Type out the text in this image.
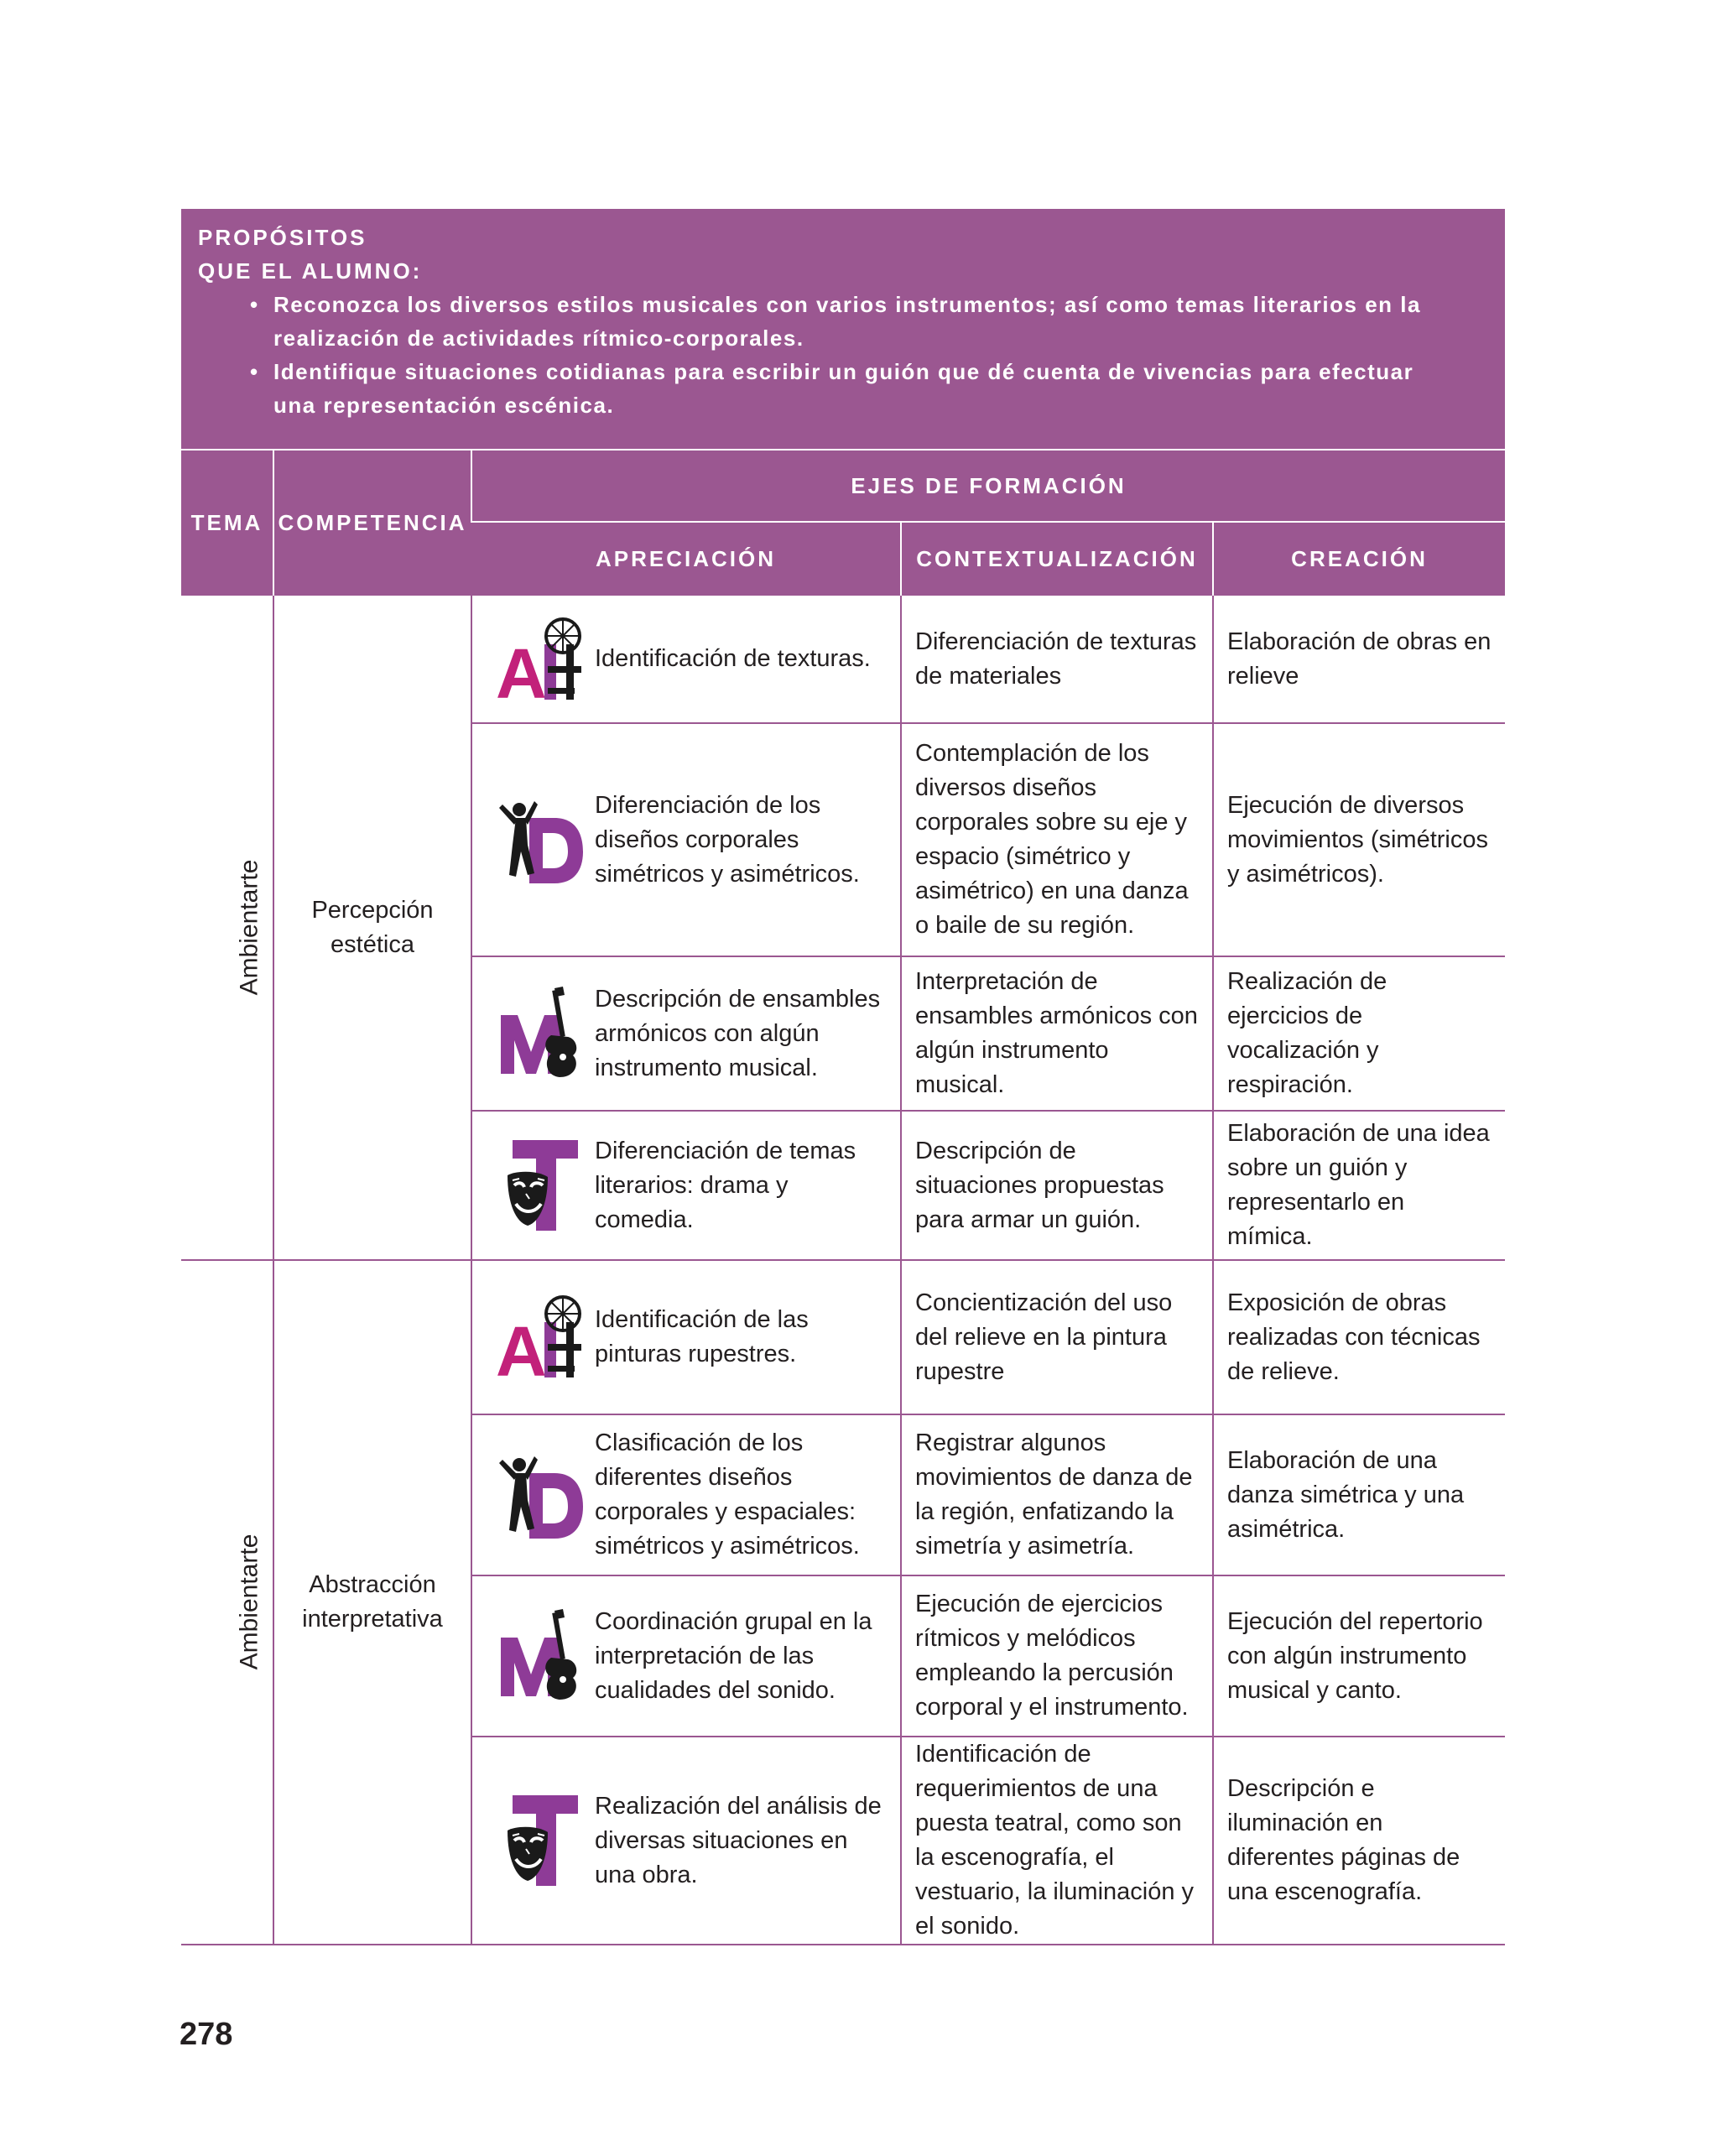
PROPÓSITOS
QUE EL ALUMNO:
• Reconozca los diversos estilos musicales con varios instrumentos; así como temas literarios en la realización de actividades rítmico-corporales.
• Identifique situaciones cotidianas para escribir un guión que dé cuenta de vivencias para efectuar una representación escénica.
TEMA	COMPETENCIA	EJES DE FORMACIÓN		
		APRECIACIÓN	CONTEXTUALIZACIÓN	CREACIÓN
Ambientarte	Percepción estética	Identificación de texturas.	Diferenciación de texturas de materiales	Elaboración de obras en relieve

		Diferenciación de los diseños corporales simétricos y asimétricos.	Contemplación de los diversos diseños corporales sobre su eje y espacio (simétrico y asimétrico) en una danza o baile de su región.	Ejecución de diversos movimientos (simétricos y asimétricos).

		Descripción de ensambles armónicos con algún instrumento musical.	Interpretación de ensambles armónicos con algún instrumento musical.	Realización de ejercicios de vocalización y respiración.

		Diferenciación de temas literarios: drama y comedia.	Descripción de situaciones propuestas para armar un guión.	Elaboración de una idea sobre un guión y representarlo en mímica.
Ambientarte	Abstracción interpretativa	Identificación de las pinturas rupestres.	Concientización del uso del relieve en la pintura rupestre	Exposición de obras realizadas con técnicas de relieve.

		Clasificación de los diferentes diseños corporales y espaciales: simétricos y asimétricos.	Registrar algunos movimientos de danza de la región, enfatizando la simetría y asimetría.	Elaboración de una danza simétrica y una asimétrica.

		Coordinación grupal en la interpretación de las cualidades del sonido.	Ejecución de ejercicios rítmicos y melódicos empleando la percusión corporal y el instrumento.	Ejecución del repertorio con algún instrumento musical y canto.

		Realización del análisis de diversas situaciones en una obra.	Identificación de requerimientos de una puesta teatral, como son la escenografía, el vestuario, la iluminación y el sonido.	Descripción e iluminación en diferentes páginas de una escenografía.
278
